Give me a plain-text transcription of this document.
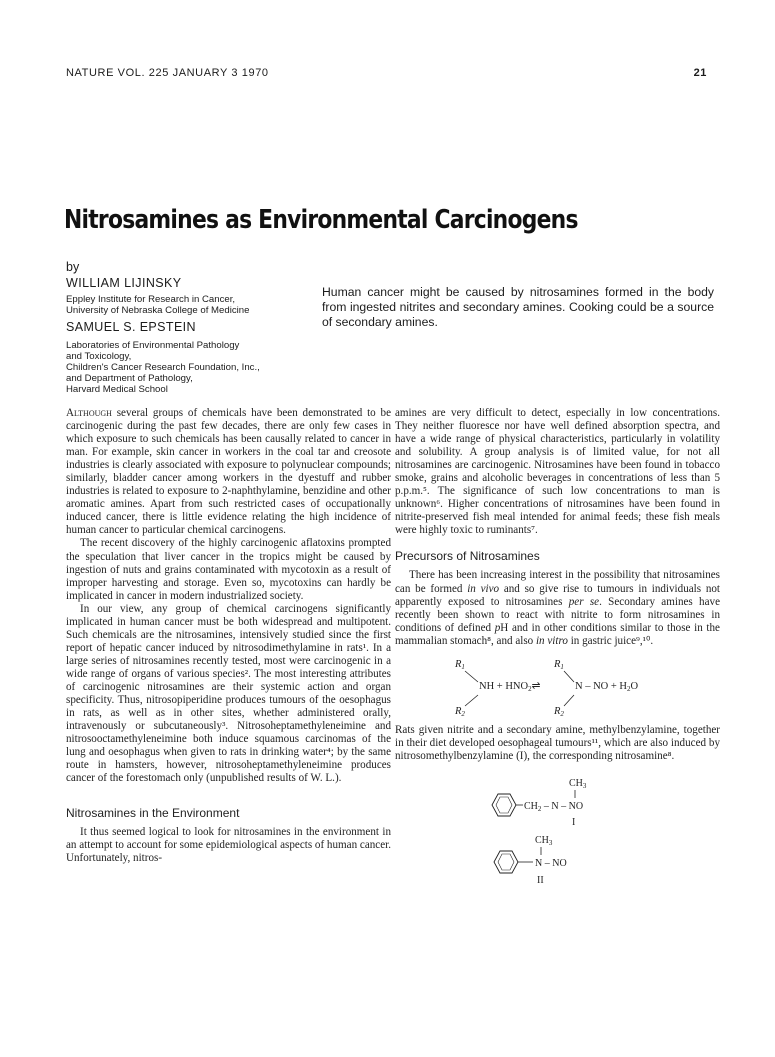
NATURE VOL. 225 JANUARY 3 1970	21
Nitrosamines as Environmental Carcinogens
by
WILLIAM LIJINSKY
Eppley Institute for Research in Cancer,
University of Nebraska College of Medicine
SAMUEL S. EPSTEIN
Laboratories of Environmental Pathology
and Toxicology,
Children's Cancer Research Foundation, Inc.,
and Department of Pathology,
Harvard Medical School
Human cancer might be caused by nitrosamines formed in the body from ingested nitrites and secondary amines. Cooking could be a source of secondary amines.

Although several groups of chemicals have been demonstrated to be carcinogenic during the past few decades, there are only few cases in which exposure to such chemicals has been causally related to cancer in man. For example, skin cancer in workers in the coal tar and creosote industries is clearly associated with exposure to polynuclear compounds; similarly, bladder cancer among workers in the dyestuff and rubber industries is related to exposure to 2-naphthylamine, benzidine and other aromatic amines. Apart from such restricted cases of occupationally induced cancer, there is little evidence relating the high incidence of human cancer to particular chemical carcinogens.

The recent discovery of the highly carcinogenic aflatoxins prompted the speculation that liver cancer in the tropics might be caused by ingestion of nuts and grains contaminated with mycotoxin as a result of improper harvesting and storage. Even so, mycotoxins can hardly be implicated in cancer in modern industrialized society.

In our view, any group of chemical carcinogens significantly implicated in human cancer must be both widespread and multipotent. Such chemicals are the nitrosamines, intensively studied since the first report of hepatic cancer induced by nitrosodimethylamine in rats¹. In a large series of nitrosamines recently tested, most were carcinogenic in a wide range of organs of various species². The most interesting attributes of carcinogenic nitrosamines are their systemic action and organ specificity. Thus, nitrosopiperidine produces tumours of the oesophagus in rats, as well as in other sites, whether administered orally, intravenously or subcutaneously³. Nitrosoheptamethyleneimine and nitrosooctamethyleneimine both induce squamous carcinomas of the lung and oesophagus when given to rats in drinking water⁴; by the same route in hamsters, however, nitrosoheptamethyleneimine produces cancer of the forestomach only (unpublished results of W. L.).

Nitrosamines in the Environment

It thus seemed logical to look for nitrosamines in the environment in an attempt to account for some epidemiological aspects of human cancer. Unfortunately, nitros-

amines are very difficult to detect, especially in low concentrations. They neither fluoresce nor have well defined absorption spectra, and have a wide range of physical characteristics, particularly in volatility and solubility. A group analysis is of limited value, for not all nitrosamines are carcinogenic. Nitrosamines have been found in tobacco smoke, grains and alcoholic beverages in concentrations of less than 5 p.p.m.⁵. The significance of such low concentrations to man is unknown⁶. Higher concentrations of nitrosamines have been found in nitrite-preserved fish meal intended for animal feeds; these fish meals were highly toxic to ruminants⁷.

Precursors of Nitrosamines

There has been increasing interest in the possibility that nitrosamines can be formed in vivo and so give rise to tumours in individuals not apparently exposed to nitrosamines per se. Secondary amines have recently been shown to react with nitrite to form nitrosamines in conditions of defined pH and in other conditions similar to those in the mammalian stomach⁸, and also in vitro in gastric juice⁹,¹⁰.

R1
NH + HNO2⇌
R2
R1
N – NO + H2O
R2

Rats given nitrite and a secondary amine, methylbenzylamine, together in their diet developed oesophageal tumours¹¹, which are also induced by nitrosomethylbenzylamine (I), the corresponding nitrosamine⁸.

$CH_3$
$CH_2$ – N – NO
I
$CH_3$
N – NO
II
